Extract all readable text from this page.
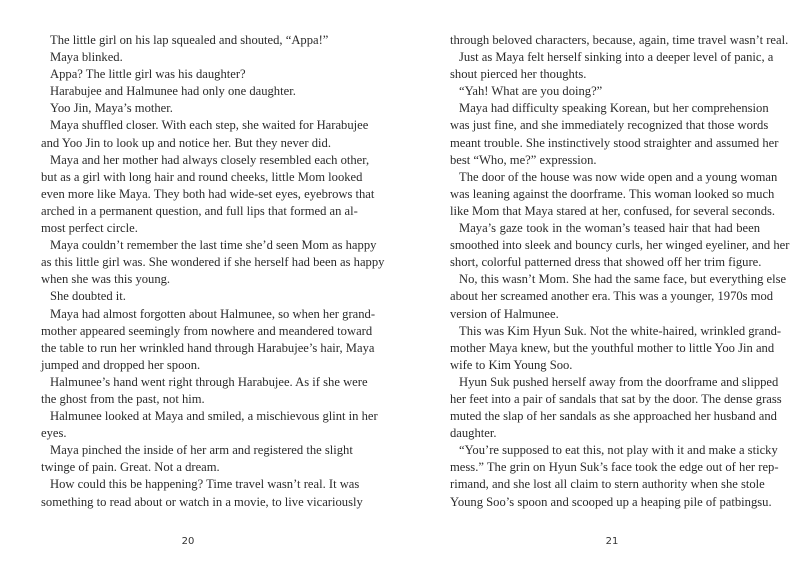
The little girl on his lap squealed and shouted, “Appa!”
Maya blinked.
Appa? The little girl was his daughter?
Harabujee and Halmunee had only one daughter.
Yoo Jin, Maya’s mother.
Maya shuffled closer. With each step, she waited for Harabujee
and Yoo Jin to look up and notice her. But they never did.
Maya and her mother had always closely resembled each other,
but as a girl with long hair and round cheeks, little Mom looked
even more like Maya. They both had wide-set eyes, eyebrows that
arched in a permanent question, and full lips that formed an al-
most perfect circle.
Maya couldn’t remember the last time she’d seen Mom as happy
as this little girl was. She wondered if she herself had been as happy
when she was this young.
She doubted it.
Maya had almost forgotten about Halmunee, so when her grand-
mother appeared seemingly from nowhere and meandered toward
the table to run her wrinkled hand through Harabujee’s hair, Maya
jumped and dropped her spoon.
Halmunee’s hand went right through Harabujee. As if she were
the ghost from the past, not him.
Halmunee looked at Maya and smiled, a mischievous glint in her
eyes.
Maya pinched the inside of her arm and registered the slight
twinge of pain. Great. Not a dream.
How could this be happening? Time travel wasn’t real. It was
something to read about or watch in a movie, to live vicariously
20
through beloved characters, because, again, time travel wasn’t real.
Just as Maya felt herself sinking into a deeper level of panic, a
shout pierced her thoughts.
“Yah! What are you doing?”
Maya had difficulty speaking Korean, but her comprehension
was just fine, and she immediately recognized that those words
meant trouble. She instinctively stood straighter and assumed her
best “Who, me?” expression.
The door of the house was now wide open and a young woman
was leaning against the doorframe. This woman looked so much
like Mom that Maya stared at her, confused, for several seconds.
Maya’s gaze took in the woman’s teased hair that had been
smoothed into sleek and bouncy curls, her winged eyeliner, and her
short, colorful patterned dress that showed off her trim figure.
No, this wasn’t Mom. She had the same face, but everything else
about her screamed another era. This was a younger, 1970s mod
version of Halmunee.
This was Kim Hyun Suk. Not the white-haired, wrinkled grand-
mother Maya knew, but the youthful mother to little Yoo Jin and
wife to Kim Young Soo.
Hyun Suk pushed herself away from the doorframe and slipped
her feet into a pair of sandals that sat by the door. The dense grass
muted the slap of her sandals as she approached her husband and
daughter.
“You’re supposed to eat this, not play with it and make a sticky
mess.” The grin on Hyun Suk’s face took the edge out of her rep-
rimand, and she lost all claim to stern authority when she stole
Young Soo’s spoon and scooped up a heaping pile of patbingsu.
21
